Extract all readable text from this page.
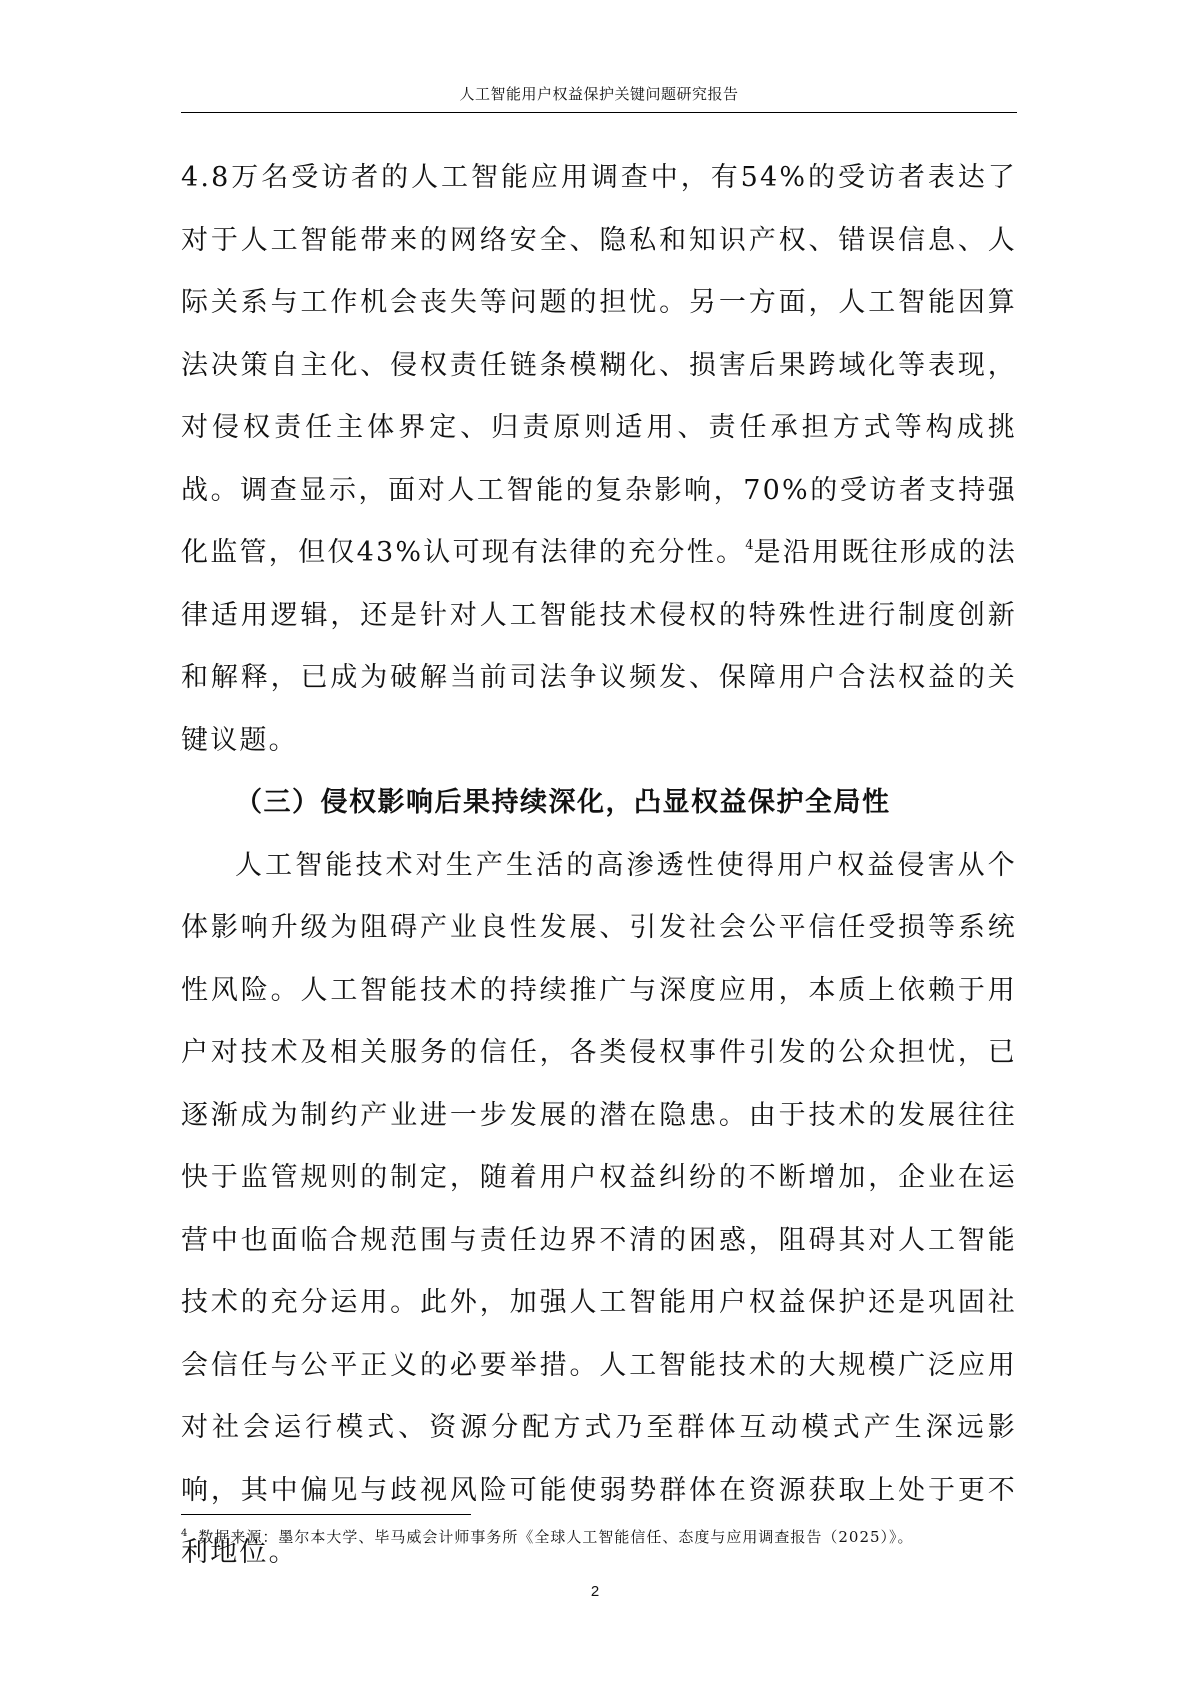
人工智能用户权益保护关键问题研究报告

4.8万名受访者的人工智能应用调查中，有54%的受访者表达了对于人工智能带来的网络安全、隐私和知识产权、错误信息、人际关系与工作机会丧失等问题的担忧。另一方面，人工智能因算法决策自主化、侵权责任链条模糊化、损害后果跨域化等表现，对侵权责任主体界定、归责原则适用、责任承担方式等构成挑战。调查显示，面对人工智能的复杂影响，70%的受访者支持强化监管，但仅43%认可现有法律的充分性。$^4$是沿用既往形成的法律适用逻辑，还是针对人工智能技术侵权的特殊性进行制度创新和解释，已成为破解当前司法争议频发、保障用户合法权益的关键议题。

（三）侵权影响后果持续深化，凸显权益保护全局性

人工智能技术对生产生活的高渗透性使得用户权益侵害从个体影响升级为阻碍产业良性发展、引发社会公平信任受损等系统性风险。人工智能技术的持续推广与深度应用，本质上依赖于用户对技术及相关服务的信任，各类侵权事件引发的公众担忧，已逐渐成为制约产业进一步发展的潜在隐患。由于技术的发展往往快于监管规则的制定，随着用户权益纠纷的不断增加，企业在运营中也面临合规范围与责任边界不清的困惑，阻碍其对人工智能技术的充分运用。此外，加强人工智能用户权益保护还是巩固社会信任与公平正义的必要举措。人工智能技术的大规模广泛应用对社会运行模式、资源分配方式乃至群体互动模式产生深远影响，其中偏见与歧视风险可能使弱势群体在资源获取上处于更不利地位。

$^4$ 数据来源：墨尔本大学、毕马威会计师事务所《全球人工智能信任、态度与应用调查报告（2025）》。
2
